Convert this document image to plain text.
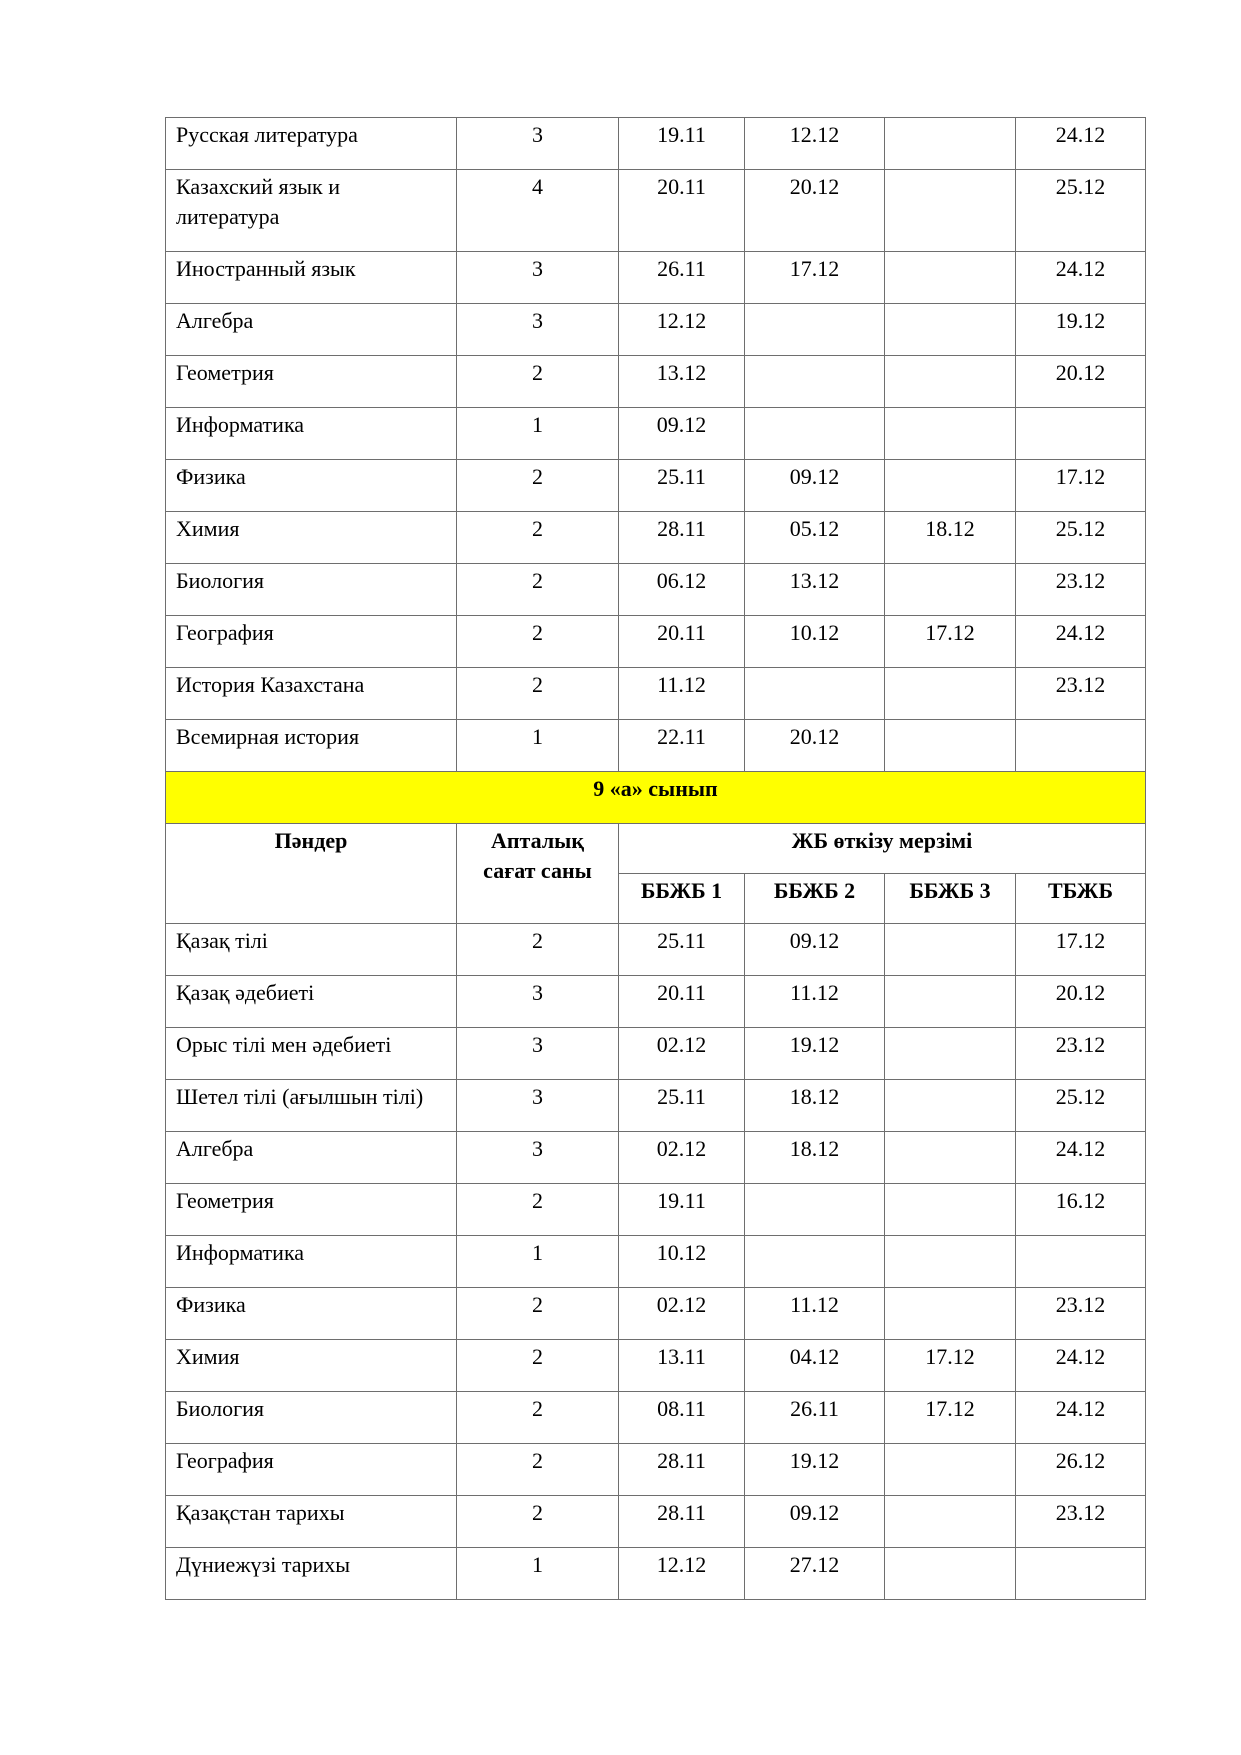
Русская литература	3	19.11	12.12		24.12
Казахский язык и литература	4	20.11	20.12		25.12
Иностранный язык	3	26.11	17.12		24.12
Алгебра	3	12.12			19.12
Геометрия	2	13.12			20.12
Информатика	1	09.12			
Физика	2	25.11	09.12		17.12
Химия	2	28.11	05.12	18.12	25.12
Биология	2	06.12	13.12		23.12
География	2	20.11	10.12	17.12	24.12
История Казахстана	2	11.12			23.12
Всемирная история	1	22.11	20.12		
9 «а» сынып					
Пәндер	Апталық сағат саны	ЖБ өткізу мерзімі			
		ББЖБ 1	ББЖБ 2	ББЖБ 3	ТБЖБ
Қазақ тілі	2	25.11	09.12		17.12
Қазақ әдебиеті	3	20.11	11.12		20.12
Орыс тілі мен әдебиеті	3	02.12	19.12		23.12
Шетел тілі (ағылшын тілі)	3	25.11	18.12		25.12
Алгебра	3	02.12	18.12		24.12
Геометрия	2	19.11			16.12
Информатика	1	10.12			
Физика	2	02.12	11.12		23.12
Химия	2	13.11	04.12	17.12	24.12
Биология	2	08.11	26.11	17.12	24.12
География	2	28.11	19.12		26.12
Қазақстан тарихы	2	28.11	09.12		23.12
Дүниежүзі тарихы	1	12.12	27.12		
